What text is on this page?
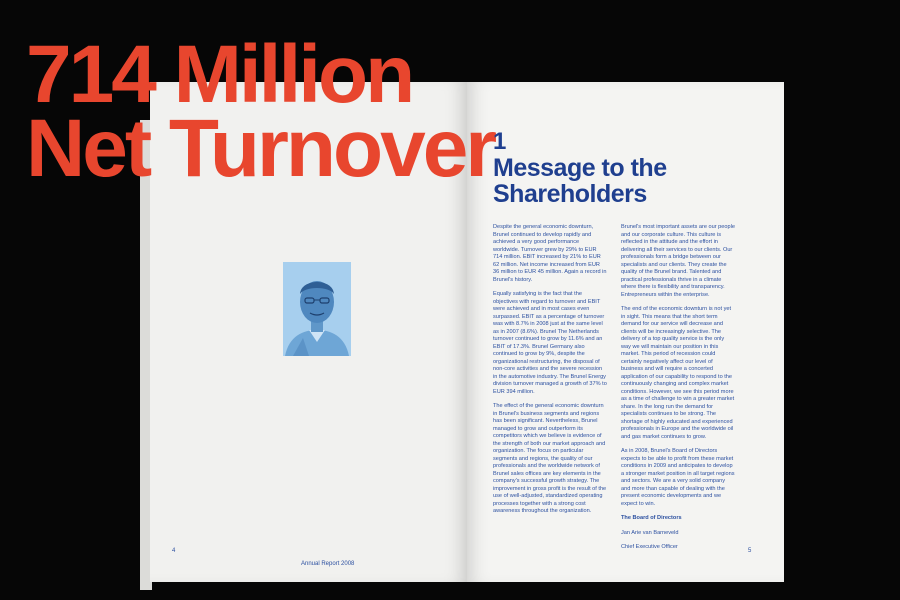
714 Million
Net Turnover
1
Message to the
Shareholders

Despite the general economic downturn, Brunel continued to develop rapidly and achieved a very good performance worldwide. Turnover grew by 29% to EUR 714 million. EBIT increased by 21% to EUR 62 million. Net income increased from EUR 36 million to EUR 45 million. Again a record in Brunel's history.

Equally satisfying is the fact that the objectives with regard to turnover and EBIT were achieved and in most cases even surpassed. EBIT as a percentage of turnover was with 8.7% in 2008 just at the same level as in 2007 (8.6%). Brunel The Netherlands turnover continued to grow by 11.6% and an EBIT of 17.3%. Brunel Germany also continued to grow by 9%, despite the organizational restructuring, the disposal of non-core activities and the severe recession in the automotive industry. The Brunel Energy division turnover managed a growth of 37% to EUR 394 million.

The effect of the general economic downturn in Brunel's business segments and regions has been significant. Nevertheless, Brunel managed to grow and outperform its competitors which we believe is evidence of the strength of both our market approach and organization. The focus on particular segments and regions, the quality of our professionals and the worldwide network of Brunel sales offices are key elements in the company's successful growth strategy. The improvement in gross profit is the result of the use of well-adjusted, standardized operating processes together with a strong cost awareness throughout the organization.

Brunel's most important assets are our people and our corporate culture. This culture is reflected in the attitude and the effort in delivering all their services to our clients. Our professionals form a bridge between our specialists and our clients. They create the quality of the Brunel brand. Talented and practical professionals thrive in a climate where there is flexibility and transparency. Entrepreneurs within the enterprise.

The end of the economic downturn is not yet in sight. This means that the short term demand for our service will decrease and clients will be increasingly selective. The delivery of a top quality service is the only way we will maintain our position in this market. This period of recession could certainly negatively affect our level of business and will require a concerted application of our capability to respond to the continuously changing and complex market conditions. However, we see this period more as a time of challenge to win a greater market share. In the long run the demand for specialists continues to be strong. The shortage of highly educated and experienced professionals in Europe and the worldwide oil and gas market continues to grow.

As in 2008, Brunel's Board of Directors expects to be able to profit from these market conditions in 2009 and anticipates to develop a stronger market position in all target regions and sectors. We are a very solid company and more than capable of dealing with the present economic developments and we expect to win.

The Board of Directors

Jan Arie van Barneveld

Chief Executive Officer

4
Annual Report 2008
5
